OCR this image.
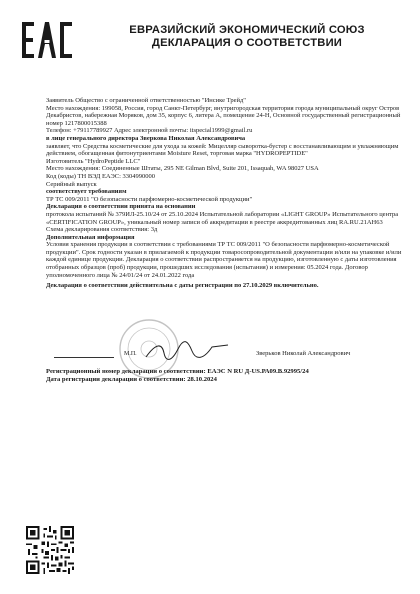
ЕВРАЗИЙСКИЙ ЭКОНОМИЧЕСКИЙ СОЮЗ
ДЕКЛАРАЦИЯ О СООТВЕТСТВИИ

Заявитель Общество с ограниченной ответственностью "Инсике Трейд"

Место нахождения: 199058, Россия, город Санкт-Петербург, внутригородская территория города муниципальный округ Остров Декабристов, набережная Моряков, дом 35, корпус 6, литера А, помещение 24-Н, Основной государственный регистрационный номер 1217800015388

Телефон: +79117789927 Адрес электронной почты: itspecial1999@gmail.ru

в лице генерального директора Зверкова Николая Александровича

заявляет, что Средства косметические для ухода за кожей: Мицелляр сыворотка-бустер с восстанавливающим и увлажняющим действием, обогащенная фитонутриентами Moisture Reset, торговая марка "HYDROPEPTIDE"

Изготовитель "HydroPeptide LLC"

Место нахождения: Соединенные Штаты, 295 NE Gilman Blvd, Suite 201, Issaquah, WA 98027 USA

Код (коды) ТН ВЭД ЕАЭС: 3304990000

Серийный выпуск

соответствует требованиям

ТР ТС 009/2011 "О безопасности парфюмерно-косметической продукции"

Декларация о соответствии принята на основании

протокола испытаний № 379ИЛ-25.10/24 от 25.10.2024 Испытательной лаборатории «LIGHT GROUP» Испытательного центра «CERTIFICATION GROUP», уникальный номер записи об аккредитации в реестре аккредитованных лиц RA.RU.21AH63

Схема декларирования соответствия: 3д

Дополнительная информация

Условия хранения продукции в соответствии с требованиями ТР ТС 009/2011 "О безопасности парфюмерно-косметической продукции". Срок годности указан в прилагаемой к продукции товаросопроводительной документации и/или на упаковке и/или каждой единице продукции. Декларация о соответствии распространяется на продукцию, изготовленную с даты изготовления отобранных образцов (проб) продукции, прошедших исследования (испытания) и измерения: 05.2024 года. Договор уполномоченного лица № 24/01/24 от 24.01.2022 года

Декларация о соответствии действительна с даты регистрации по 27.10.2029 включительно.

М.П.	Зверьков Николай Александрович
Регистрационный номер декларации о соответствии: ЕАЭС N RU Д-US.РА09.В.92995/24
Дата регистрации декларации о соответствии: 28.10.2024
